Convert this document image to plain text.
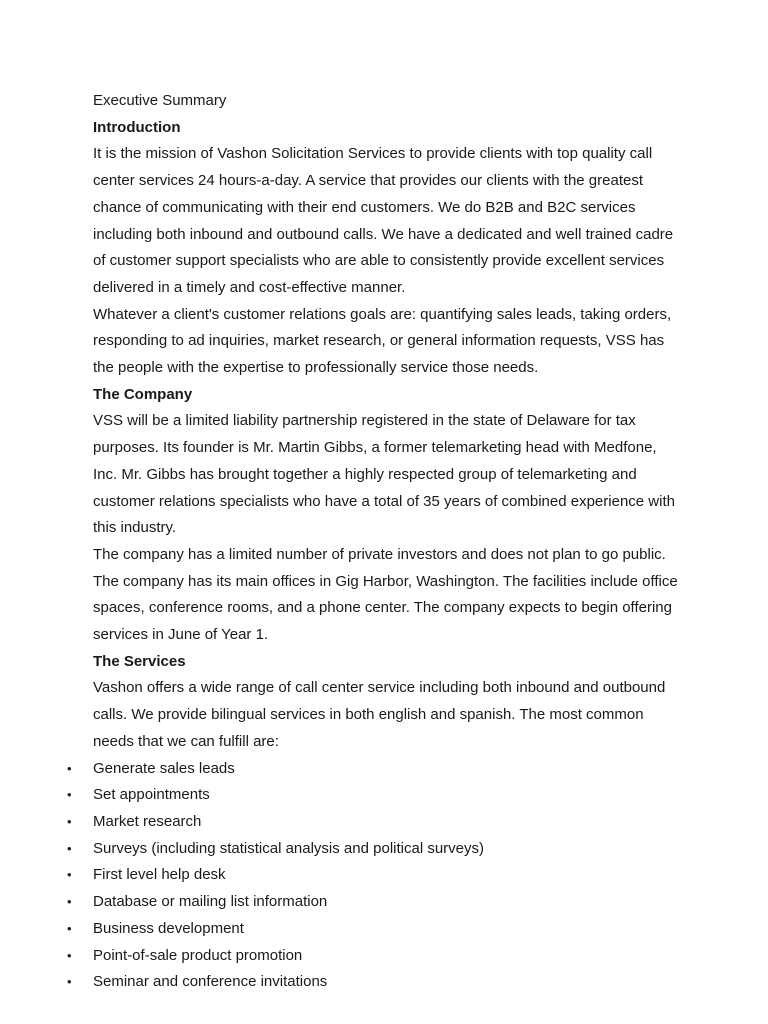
Executive Summary

Introduction

It is the mission of Vashon Solicitation Services to provide clients with top quality call center services 24 hours-a-day. A service that provides our clients with the greatest chance of communicating with their end customers. We do B2B and B2C services including both inbound and outbound calls. We have a dedicated and well trained cadre of customer support specialists who are able to consistently provide excellent services delivered in a timely and cost-effective manner.

Whatever a client's customer relations goals are: quantifying sales leads, taking orders, responding to ad inquiries, market research, or general information requests, VSS has the people with the expertise to professionally service those needs.

The Company

VSS will be a limited liability partnership registered in the state of Delaware for tax purposes. Its founder is Mr. Martin Gibbs, a former telemarketing head with Medfone, Inc. Mr. Gibbs has brought together a highly respected group of telemarketing and customer relations specialists who have a total of 35 years of combined experience with this industry.

The company has a limited number of private investors and does not plan to go public. The company has its main offices in Gig Harbor, Washington. The facilities include office spaces, conference rooms, and a phone center. The company expects to begin offering services in June of Year 1.

The Services

Vashon offers a wide range of call center service including both inbound and outbound calls. We provide bilingual services in both english and spanish. The most common needs that we can fulfill are:

• Generate sales leads
• Set appointments
• Market research
• Surveys (including statistical analysis and political surveys)
• First level help desk
• Database or mailing list information
• Business development
• Point-of-sale product promotion
• Seminar and conference invitations
